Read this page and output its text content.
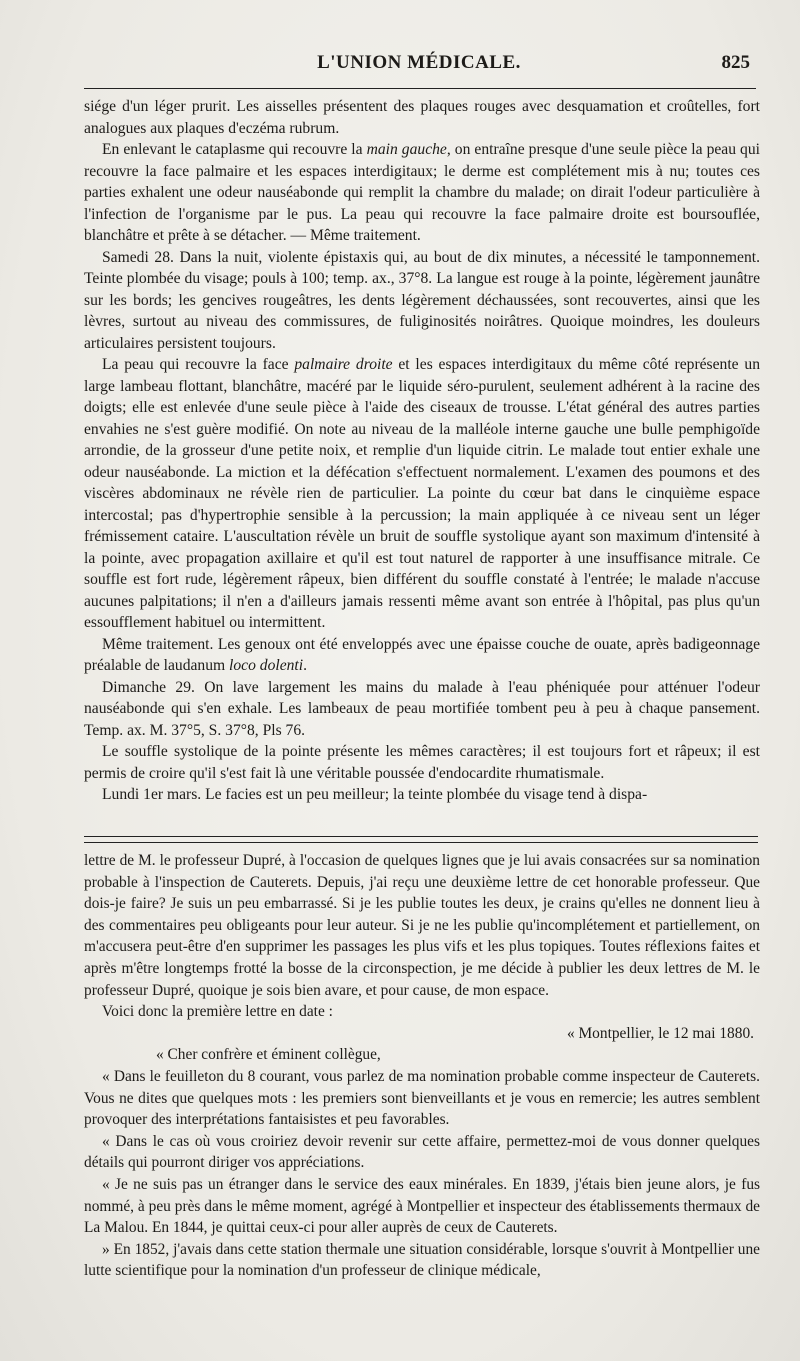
L'UNION MÉDICALE.	825

siége d'un léger prurit. Les aisselles présentent des plaques rouges avec desquamation et croûtelles, fort analogues aux plaques d'eczéma rubrum.

En enlevant le cataplasme qui recouvre la main gauche, on entraîne presque d'une seule pièce la peau qui recouvre la face palmaire et les espaces interdigitaux; le derme est complétement mis à nu; toutes ces parties exhalent une odeur nauséabonde qui remplit la chambre du malade; on dirait l'odeur particulière à l'infection de l'organisme par le pus. La peau qui recouvre la face palmaire droite est boursouflée, blanchâtre et prête à se détacher. — Même traitement.

Samedi 28. Dans la nuit, violente épistaxis qui, au bout de dix minutes, a nécessité le tamponnement. Teinte plombée du visage; pouls à 100; temp. ax., 37°8. La langue est rouge à la pointe, légèrement jaunâtre sur les bords; les gencives rougeâtres, les dents légèrement déchaussées, sont recouvertes, ainsi que les lèvres, surtout au niveau des commissures, de fuliginosités noirâtres. Quoique moindres, les douleurs articulaires persistent toujours.

La peau qui recouvre la face palmaire droite et les espaces interdigitaux du même côté représente un large lambeau flottant, blanchâtre, macéré par le liquide séro-purulent, seulement adhérent à la racine des doigts; elle est enlevée d'une seule pièce à l'aide des ciseaux de trousse. L'état général des autres parties envahies ne s'est guère modifié. On note au niveau de la malléole interne gauche une bulle pemphigoïde arrondie, de la grosseur d'une petite noix, et remplie d'un liquide citrin. Le malade tout entier exhale une odeur nauséabonde. La miction et la défécation s'effectuent normalement. L'examen des poumons et des viscères abdominaux ne révèle rien de particulier. La pointe du cœur bat dans le cinquième espace intercostal; pas d'hypertrophie sensible à la percussion; la main appliquée à ce niveau sent un léger frémissement cataire. L'auscultation révèle un bruit de souffle systolique ayant son maximum d'intensité à la pointe, avec propagation axillaire et qu'il est tout naturel de rapporter à une insuffisance mitrale. Ce souffle est fort rude, légèrement râpeux, bien différent du souffle constaté à l'entrée; le malade n'accuse aucunes palpitations; il n'en a d'ailleurs jamais ressenti même avant son entrée à l'hôpital, pas plus qu'un essoufflement habituel ou intermittent.

Même traitement. Les genoux ont été enveloppés avec une épaisse couche de ouate, après badigeonnage préalable de laudanum loco dolenti.

Dimanche 29. On lave largement les mains du malade à l'eau phéniquée pour atténuer l'odeur nauséabonde qui s'en exhale. Les lambeaux de peau mortifiée tombent peu à peu à chaque pansement. Temp. ax. M. 37°5, S. 37°8, Pls 76.

Le souffle systolique de la pointe présente les mêmes caractères; il est toujours fort et râpeux; il est permis de croire qu'il s'est fait là une véritable poussée d'endocardite rhumatismale.

Lundi 1er mars. Le facies est un peu meilleur; la teinte plombée du visage tend à dispa-

lettre de M. le professeur Dupré, à l'occasion de quelques lignes que je lui avais consacrées sur sa nomination probable à l'inspection de Cauterets. Depuis, j'ai reçu une deuxième lettre de cet honorable professeur. Que dois-je faire? Je suis un peu embarrassé. Si je les publie toutes les deux, je crains qu'elles ne donnent lieu à des commentaires peu obligeants pour leur auteur. Si je ne les publie qu'incomplétement et partiellement, on m'accusera peut-être d'en supprimer les passages les plus vifs et les plus topiques. Toutes réflexions faites et après m'être longtemps frotté la bosse de la circonspection, je me décide à publier les deux lettres de M. le professeur Dupré, quoique je sois bien avare, et pour cause, de mon espace.

Voici donc la première lettre en date :

« Montpellier, le 12 mai 1880.

« Cher confrère et éminent collègue,

« Dans le feuilleton du 8 courant, vous parlez de ma nomination probable comme inspecteur de Cauterets. Vous ne dites que quelques mots : les premiers sont bienveillants et je vous en remercie; les autres semblent provoquer des interprétations fantaisistes et peu favorables.

« Dans le cas où vous croiriez devoir revenir sur cette affaire, permettez-moi de vous donner quelques détails qui pourront diriger vos appréciations.

« Je ne suis pas un étranger dans le service des eaux minérales. En 1839, j'étais bien jeune alors, je fus nommé, à peu près dans le même moment, agrégé à Montpellier et inspecteur des établissements thermaux de La Malou. En 1844, je quittai ceux-ci pour aller auprès de ceux de Cauterets.

» En 1852, j'avais dans cette station thermale une situation considérable, lorsque s'ouvrit à Montpellier une lutte scientifique pour la nomination d'un professeur de clinique médicale,
